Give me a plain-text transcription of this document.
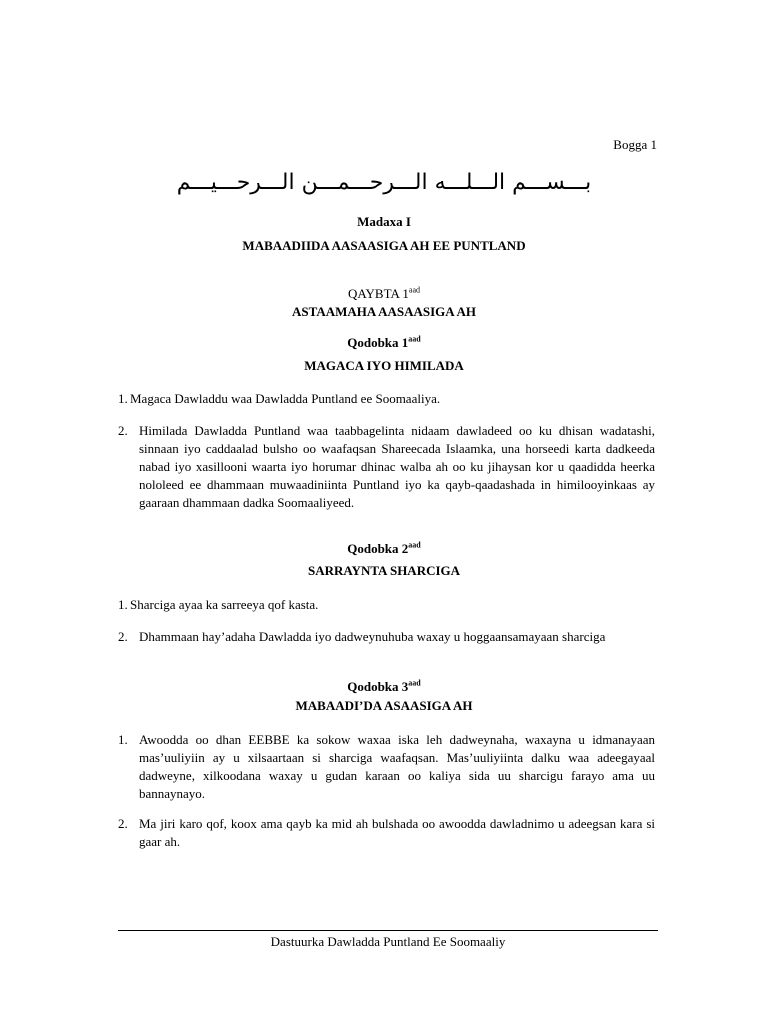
Bogga 1
بـــســـم الـــلـــه الـــرحـــمـــن الـــرحـــيـــم
Madaxa I
MABAADIIDA AASAASIGA AH EE PUNTLAND
QAYBTA $1^{aad}$
ASTAAMAHA AASAASIGA AH
Qodobka $1^{aad}$
MAGACA IYO HIMILADA
1. Magaca Dawladdu waa Dawladda Puntland ee Soomaaliya.
2. Himilada Dawladda Puntland waa taabbagelinta nidaam dawladeed oo ku dhisan wadatashi, sinnaan iyo caddaalad bulsho oo waafaqsan Shareecada Islaamka, una horseedi karta dadkeeda nabad iyo xasillooni waarta iyo horumar dhinac walba ah oo ku jihaysan kor u qaadidda heerka nololeed ee dhammaan muwaadiniinta Puntland iyo ka qayb-qaadashada in himilooyinkaas ay gaaraan dhammaan dadka Soomaaliyeed.
Qodobka $2^{aad}$
SARRAYNTA SHARCIGA
1. Sharciga ayaa ka sarreeya qof kasta.
2. Dhammaan hay’adaha Dawladda iyo dadweynuhuba waxay u hoggaansamayaan sharciga
Qodobka $3^{aad}$
MABAADI’DA ASAASIGA AH
1. Awoodda oo dhan EEBBE ka sokow waxaa iska leh dadweynaha, waxayna u idmanayaan mas’uuliyiin ay u xilsaartaan si sharciga waafaqsan. Mas’uuliyiinta dalku waa adeegayaal dadweyne, xilkoodana waxay u gudan karaan oo kaliya sida uu sharcigu farayo ama uu bannaynayo.
2. Ma jiri karo qof, koox ama qayb ka mid ah bulshada oo awoodda dawladnimo u adeegsan kara si gaar ah.
Dastuurka Dawladda Puntland Ee Soomaaliy
